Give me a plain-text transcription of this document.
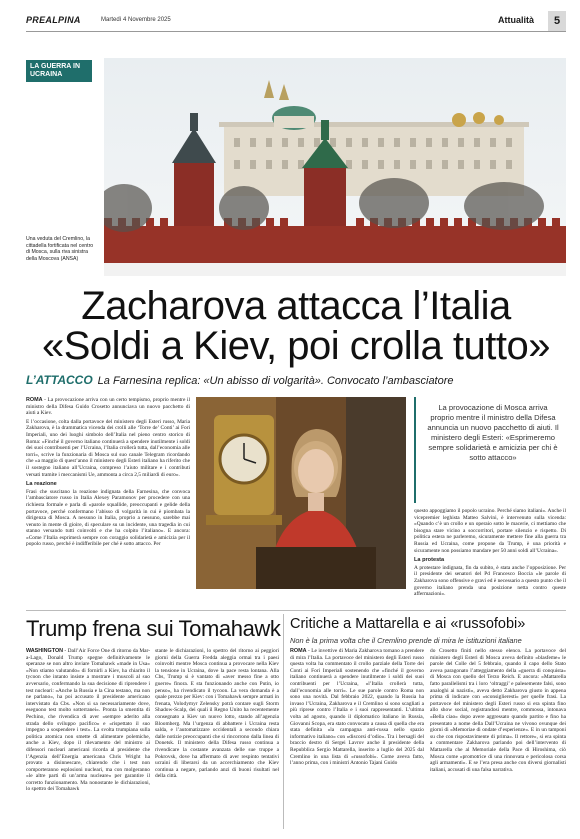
PREALPINA	Martedì 4 Novembre 2025	Attualità	5
LA GUERRA IN UCRAINA
Una veduta del Cremlino, la cittadella fortificata nel centro di Mosca, sulla riva sinistra della Moscova (ANSA)
Zacharova attacca l’Italia
«Soldi a Kiev, poi crolla tutto»
L’ATTACCO La Farnesina replica: «Un abisso di volgarità». Convocato l’ambasciatore

ROMA - La provocazione arriva con un certo tempismo, proprio mentre il ministro della Difesa Guido Crosetto annunciava un nuovo pacchetto di aiuti a Kiev.

E l’occasione, colta dalla portavoce del ministero degli Esteri russo, Maria Zakharova, è la drammatica vicenda dei crolli alle ‘Torre de’ Conti’ ai Fori Imperiali, uno dei luoghi simbolo dell’Italia nel pieno centro storico di Roma: «Finché il governo italiano continuerà a spendere inutilmente i soldi dei suoi contribuenti per l’Ucraina, l’Italia crollerà tutta, dall’economia alle torri», scrive la funzionaria di Mosca sul suo canale Telegram ricordando che «a maggio di quest’anno il ministero degli Esteri italiano ha riferito che il sostegno italiano all’Ucraina, compreso l’aiuto militare e i contributi versati tramite i meccanismi Ue, ammonta a circa 2,5 miliardi di euro».

La reazione

Frasi che suscitano la reazione indignata della Farnesina, che convoca l’ambasciatore russo in Italia Alexey Paramonov per procedere con una richiesta formale e parla di «parole squallide, preoccupanti e gelide della portavoce, perché confermano l’abisso di volgarità in cui è piombata la dirigenza di Mosca. A nessuno in Italia, proprio a nessuno, sarebbe mai venuto in mente di gioire, di speculare su un incidente, una tragedia in cui stanno versando tutti coinvolti e che ha colpito l’italiano». E ancora: «Come l’Italia esprimerà sempre con coraggio solidarietà e amicizia per il popolo russo, perché è indifferibile per ché è sotto attacco. Per

La provocazione di Mosca arriva proprio mentre il ministro della Difesa annuncia un nuovo pacchetto di aiuti. Il ministero degli Esteri: «Esprimeremo sempre solidarietà e amicizia per chi è sotto attacco»

questo appoggiamo il popolo ucraino. Perché siamo italiani». Anche il vicepremier leghista Matteo Salvini, è intervenuto sulla vicenda: «Quando c’è un crollo e un operaio sotto le macerie, ci mettiamo che bisogna stare vicino a soccorritori, portare silenzio e rispetto. Di politica estera ne parleremo, sicuramente mettere fine alla guerra tra Russia ed Ucraina, come propone da Trump, è una priorità e sicuramente non possiamo mandare per 50 anni soldi all’Ucraina».

La protesta

A protestare indignata, fin da subito, è stata anche l’opposizione. Per il presidente dei senatori del Pd Francesco Boccia «le parole di Zakharova sono offensive e gravi ed è necessario a questo punto che il governo italiano prenda una posizione netta contro queste affermazioni».

Trump frena sui Tomahawk

WASHINGTON - Dall’Air Force One di ritorno da Mar-a-Lago, Donald Trump spegne definitivamente le speranze se non altro inviare Tomahawk «made in Usa» «Non stiamo valutando» di fornirli a Kiev, ha chiarito il tycoon che intanto insiste a mostrare i muscoli al suo avversario, confermando la sua decisione di riprendere i test nucleari: «Anche la Russia e la Cina testano, ma non ne parlano», ha poi accusato il presidente americano intervistato da Cbs. «Non si sa necessariamente dove, eseguono test molto sotterranei». Pronta la smentita di Pechino, che rivendica di aver «sempre aderito alla strada dello sviluppo pacifico» e «rispettato il suo impegno a sospendere i test». La svolta trumpiana sulla politica atomica non smette di alimentare polemiche, anche a Kiev, dopo il rilevamento del ministro ai difensori nucleari americani ricorda al presidente che l’Agenzia dell’Energia americana Chris Wright ha provato a disinnescare, chiarendo che i test non comporteranno esplosioni nucleari, ma con molgeranno «le altre parti di un’arma nucleare» per garantire il corretto funzionamento. Ma nonostante le dichiarazioni, lo spettro dei Tomahawk

stante le dichiarazioni, lo spettro del ritorno ai peggiori giorni della Guerra Fredda aleggia ormai tra i paesi coinvolti mentre Mosca continua a provocare nella Kiev la tensione in Ucraina, dove la pace resta lontana. Alla Cbs, Trump si è vantato di «aver messo fine a otto guerre» finora. E sta funzionando anche con Putin, io penso», ha rivendicato il tycoon. La vera domanda è a quale prezzo per Kiev: con i Tomahawk sempre armati in frenata, Volodymyr Zelensky potrà contare sugli Storm Shadow-Scalp, dei quali il Regno Unito ha recentemente consegnato a Kiev un nuovo lotto, stando all’agenzia Bloomberg. Ma l’urgenza di abbattere i Ucraina resta salda, e l’automatizzare occidentali a secondo chiara dalle notizie preoccupanti che si rincorrono dalla linea di Donetsk. Il ministero della Difesa russo continua a rivendicare la costante avanzata delle sue truppe a Pokrovsk, dove ha affermato di aver respinto tentativi ucraini di liberarsi da un accerchiamento che Kiev continua a negare, parlando anzi di buoni risultati nel della città.

Critiche a Mattarella e ai «russofobi»
Non è la prima volta che il Cremlino prende di mira le istituzioni italiane

ROMA - Le invettive di Maria Zakharova tornano a prendere di mira l’Italia. La portavoce del ministero degli Esteri russo questa volta ha commentato il crollo parziale della Torre dei Conti ai Fori Imperiali sostenendo che «finché il governo italiano continuerà a spendere inutilmente i soldi dei suoi contribuenti per l’Ucraina, «l’Italia crollerà tutta, dall’economia alle torri». Le sue parole contro Roma non sono una novità. Dal febbraio 2022, quando la Russia ha invaso l’Ucraina, Zakharova e il Cremlino si sono scagliati a più riprese contro l’Italia e i suoi rappresentanti. L’ultima volta ad agosto, quando il diplomatico italiano in Russia, Giovanni Scopa, era stato convocato a causa di quella che era stata definita «la campagna anti-russa nello spazio informativo italiano» con «discorsi d’odio». Tra i bersagli del braccio destro di Sergei Lavrov anche il presidente della Repubblica Sergio Mattarella, inserito a luglio del 2025 dal Cremlino in una lista di «russofobi». Come aveva fatto, l’anno prima, con i ministri Antonio Tajani Guido

do Crosetto finiti nello stesso elenco. La portavoce del ministero degli Esteri di Mosca aveva definito «blasfeme» le parole del Colle del 5 febbraio, quando il capo dello Stato aveva paragonato l’atteggiamento della «guerra di conquista» di Mosca con quello del Terzo Reich. E ancora: «Mattarella fatto parallelismi tra i loro ‘oltraggi’ e palesemente falsi, sono analoghi ai nazisti», aveva detto Zakharova giusto in appena prima di indicare con «sconsiglieresti» per quelle frasi. La portavoce del ministero degli Esteri russo si era spinta fino allo show social, registrandosi mentre, commossa, intonava «Bella ciao» dopo avere aggressato quando partito e fino ha presentato a nome della Dall’Ucraina ne vivono ovunque dei giorni di «Memoriae di ondate d’esperienze». E in un tamponi su che con rispostavimente di prima». Il rettore», si era spinta a commentare Zakharova parlando poi dell’intervento di Mattarella che al Memoriale della Pace di Hiroshima, ciò Mosca come «promotrice di una rinnovata e pericolosa corsa agli armamenti». E se l’era presa anche con diversi giornalisti italiani, accusati di una falsa narrativa.
